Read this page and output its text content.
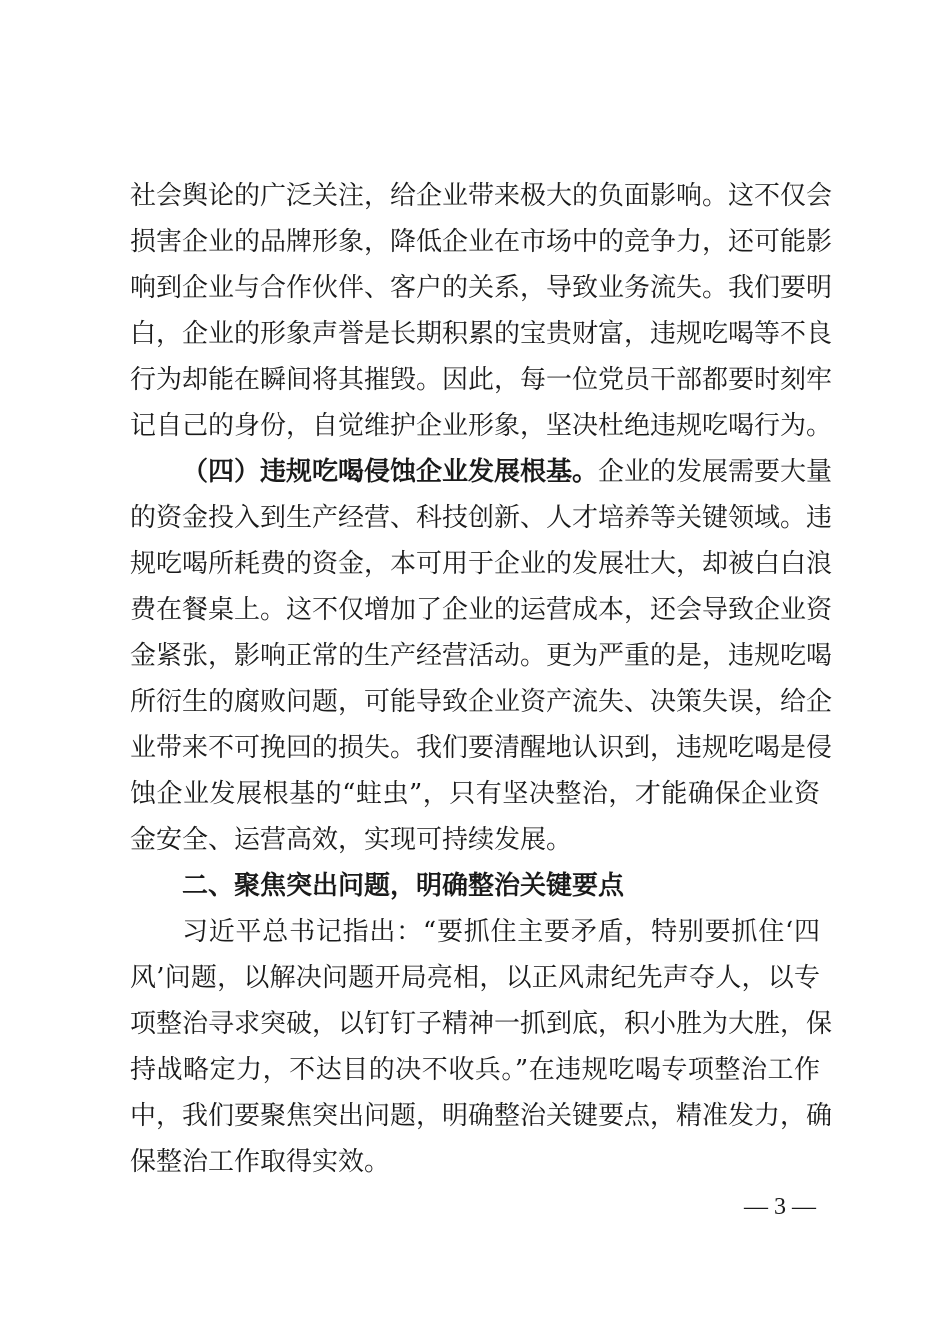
社会舆论的广泛关注，给企业带来极大的负面影响。这不仅会
损害企业的品牌形象，降低企业在市场中的竞争力，还可能影
响到企业与合作伙伴、客户的关系，导致业务流失。我们要明
白，企业的形象声誉是长期积累的宝贵财富，违规吃喝等不良
行为却能在瞬间将其摧毁。因此，每一位党员干部都要时刻牢
记自己的身份，自觉维护企业形象，坚决杜绝违规吃喝行为。
（四）违规吃喝侵蚀企业发展根基。企业的发展需要大量
的资金投入到生产经营、科技创新、人才培养等关键领域。违
规吃喝所耗费的资金，本可用于企业的发展壮大，却被白白浪
费在餐桌上。这不仅增加了企业的运营成本，还会导致企业资
金紧张，影响正常的生产经营活动。更为严重的是，违规吃喝
所衍生的腐败问题，可能导致企业资产流失、决策失误，给企
业带来不可挽回的损失。我们要清醒地认识到，违规吃喝是侵
蚀企业发展根基的“蛀虫”，只有坚决整治，才能确保企业资
金安全、运营高效，实现可持续发展。
二、聚焦突出问题，明确整治关键要点
习近平总书记指出：“要抓住主要矛盾，特别要抓住‘四
风’问题，以解决问题开局亮相，以正风肃纪先声夺人，以专
项整治寻求突破，以钉钉子精神一抓到底，积小胜为大胜，保
持战略定力，不达目的决不收兵。”在违规吃喝专项整治工作
中，我们要聚焦突出问题，明确整治关键要点，精准发力，确
保整治工作取得实效。
— 3 —
